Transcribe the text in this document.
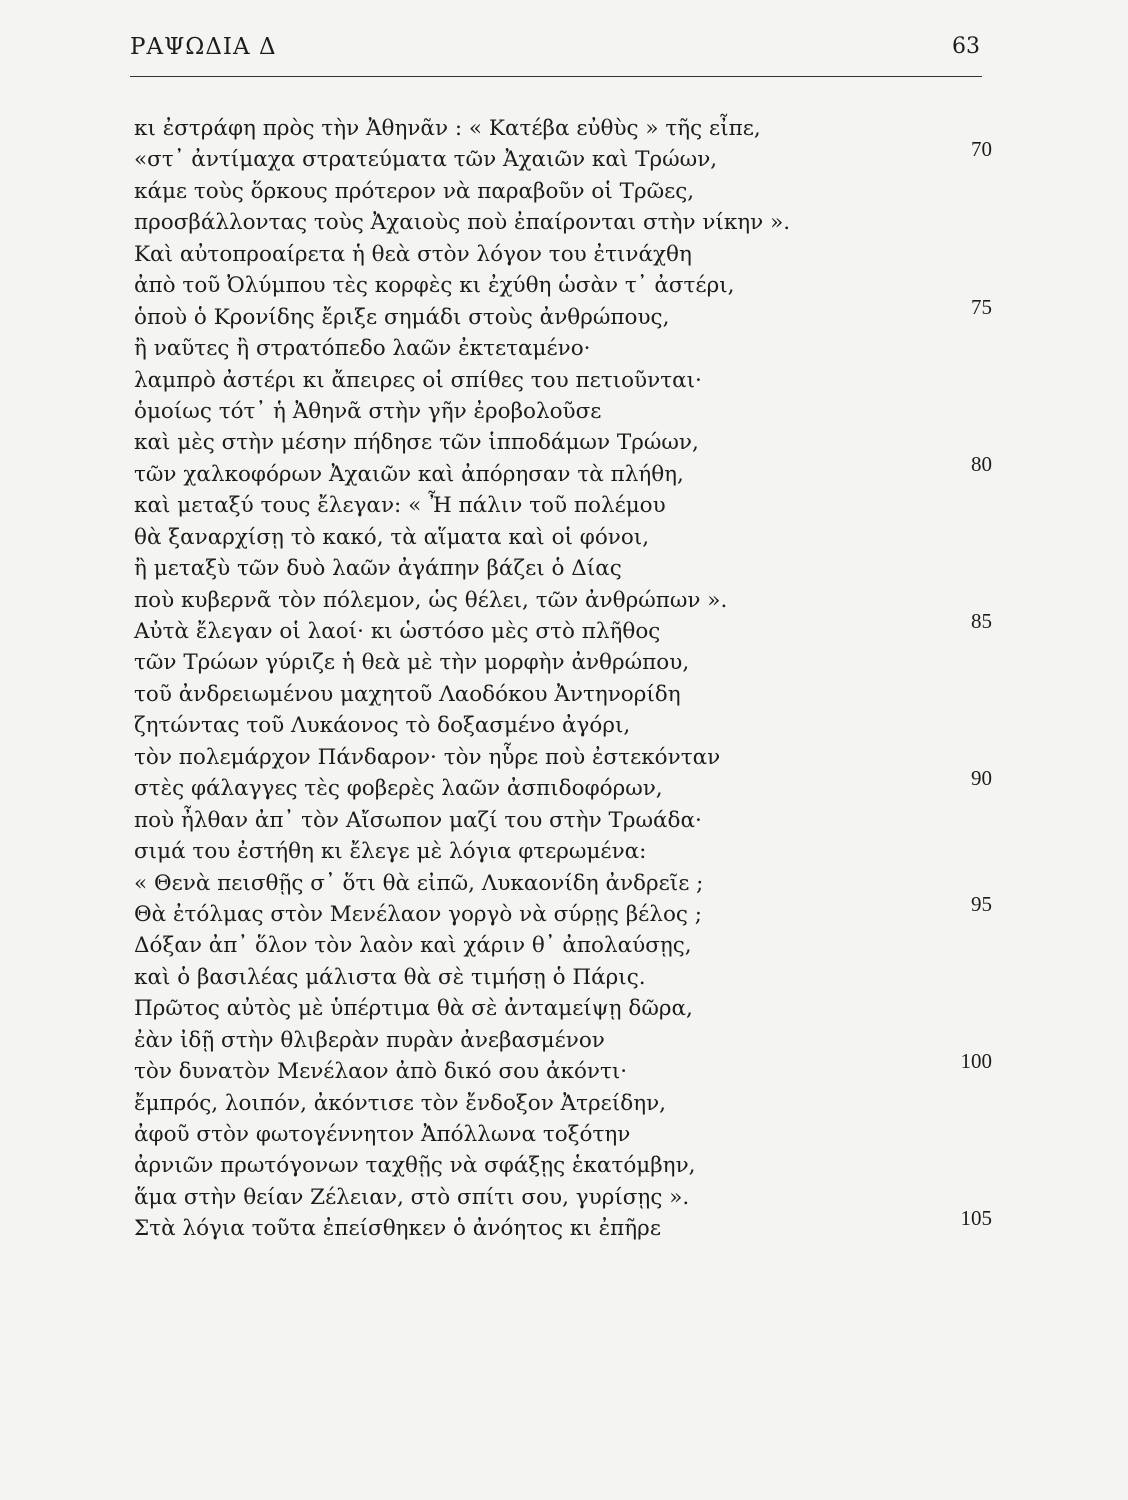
ΡΑΨΩΔΙΑ Δ	63
κι ἐστράφη πρὸς τὴν Ἀθηνᾶν : « Κατέβα εὐθὺς » τῆς εἶπε,
«στ᾿ ἀντίμαχα στρατεύματα τῶν Ἀχαιῶν καὶ Τρώων,	70
κάμε τοὺς ὅρκους πρότερον νὰ παραβοῦν οἱ Τρῶες,
προσβάλλοντας τοὺς Ἀχαιοὺς ποὺ ἐπαίρονται στὴν νίκην ».
Καὶ αὐτοπροαίρετα ἡ θεὰ στὸν λόγον του ἐτινάχθη
ἀπὸ τοῦ Ὀλύμπου τὲς κορφὲς κι ἐχύθη ὡσὰν τ᾿ ἀστέρι,
ὁποὺ ὁ Κρονίδης ἔριξε σημάδι στοὺς ἀνθρώπους,	75
ἢ ναῦτες ἢ στρατόπεδο λαῶν ἐκτεταμένο·
λαμπρὸ ἀστέρι κι ἄπειρες οἱ σπίθες του πετιοῦνται·
ὁμοίως τότ᾿ ἡ Ἀθηνᾶ στὴν γῆν ἐροβολοῦσε
καὶ μὲς στὴν μέσην πήδησε τῶν ἱπποδάμων Τρώων,
τῶν χαλκοφόρων Ἀχαιῶν καὶ ἀπόρησαν τὰ πλήθη,	80
καὶ μεταξύ τους ἔλεγαν: « Ἦ πάλιν τοῦ πολέμου
θὰ ξαναρχίσῃ τὸ κακό, τὰ αἵματα καὶ οἱ φόνοι,
ἢ μεταξὺ τῶν δυὸ λαῶν ἀγάπην βάζει ὁ Δίας
ποὺ κυβερνᾶ τὸν πόλεμον, ὡς θέλει, τῶν ἀνθρώπων ».
Αὐτὰ ἔλεγαν οἱ λαοί· κι ὡστόσο μὲς στὸ πλῆθος	85
τῶν Τρώων γύριζε ἡ θεὰ μὲ τὴν μορφὴν ἀνθρώπου,
τοῦ ἀνδρειωμένου μαχητοῦ Λαοδόκου Ἀντηνορίδη
ζητώντας τοῦ Λυκάονος τὸ δοξασμένο ἀγόρι,
τὸν πολεμάρχον Πάνδαρον· τὸν ηὗρε ποὺ ἐστεκόνταν
στὲς φάλαγγες τὲς φοβερὲς λαῶν ἀσπιδοφόρων,	90
ποὺ ἦλθαν ἀπ᾿ τὸν Αἴσωπον μαζί του στὴν Τρωάδα·
σιμά του ἐστήθη κι ἔλεγε μὲ λόγια φτερωμένα:
« Θενὰ πεισθῇς σ᾿ ὅτι θὰ εἰπῶ, Λυκαονίδη ἀνδρεῖε ;
Θὰ ἐτόλμας στὸν Μενέλαον γοργὸ νὰ σύρῃς βέλος ;	95
Δόξαν ἀπ᾿ ὅλον τὸν λαὸν καὶ χάριν θ᾿ ἀπολαύσῃς,
καὶ ὁ βασιλέας μάλιστα θὰ σὲ τιμήσῃ ὁ Πάρις.
Πρῶτος αὐτὸς μὲ ὑπέρτιμα θὰ σὲ ἀνταμείψῃ δῶρα,
ἐὰν ἰδῇ στὴν θλιβερὰν πυρὰν ἀνεβασμένον
τὸν δυνατὸν Μενέλαον ἀπὸ δικό σου ἀκόντι·	100
ἔμπρός, λοιπόν, ἀκόντισε τὸν ἔνδοξον Ἀτρείδην,
ἀφοῦ στὸν φωτογέννητον Ἀπόλλωνα τοξότην
ἀρνιῶν πρωτόγονων ταχθῇς νὰ σφάξῃς ἑκατόμβην,
ἅμα στὴν θείαν Ζέλειαν, στὸ σπίτι σου, γυρίσῃς ».
Στὰ λόγια τοῦτα ἐπείσθηκεν ὁ ἀνόητος κι ἐπῆρε	105
